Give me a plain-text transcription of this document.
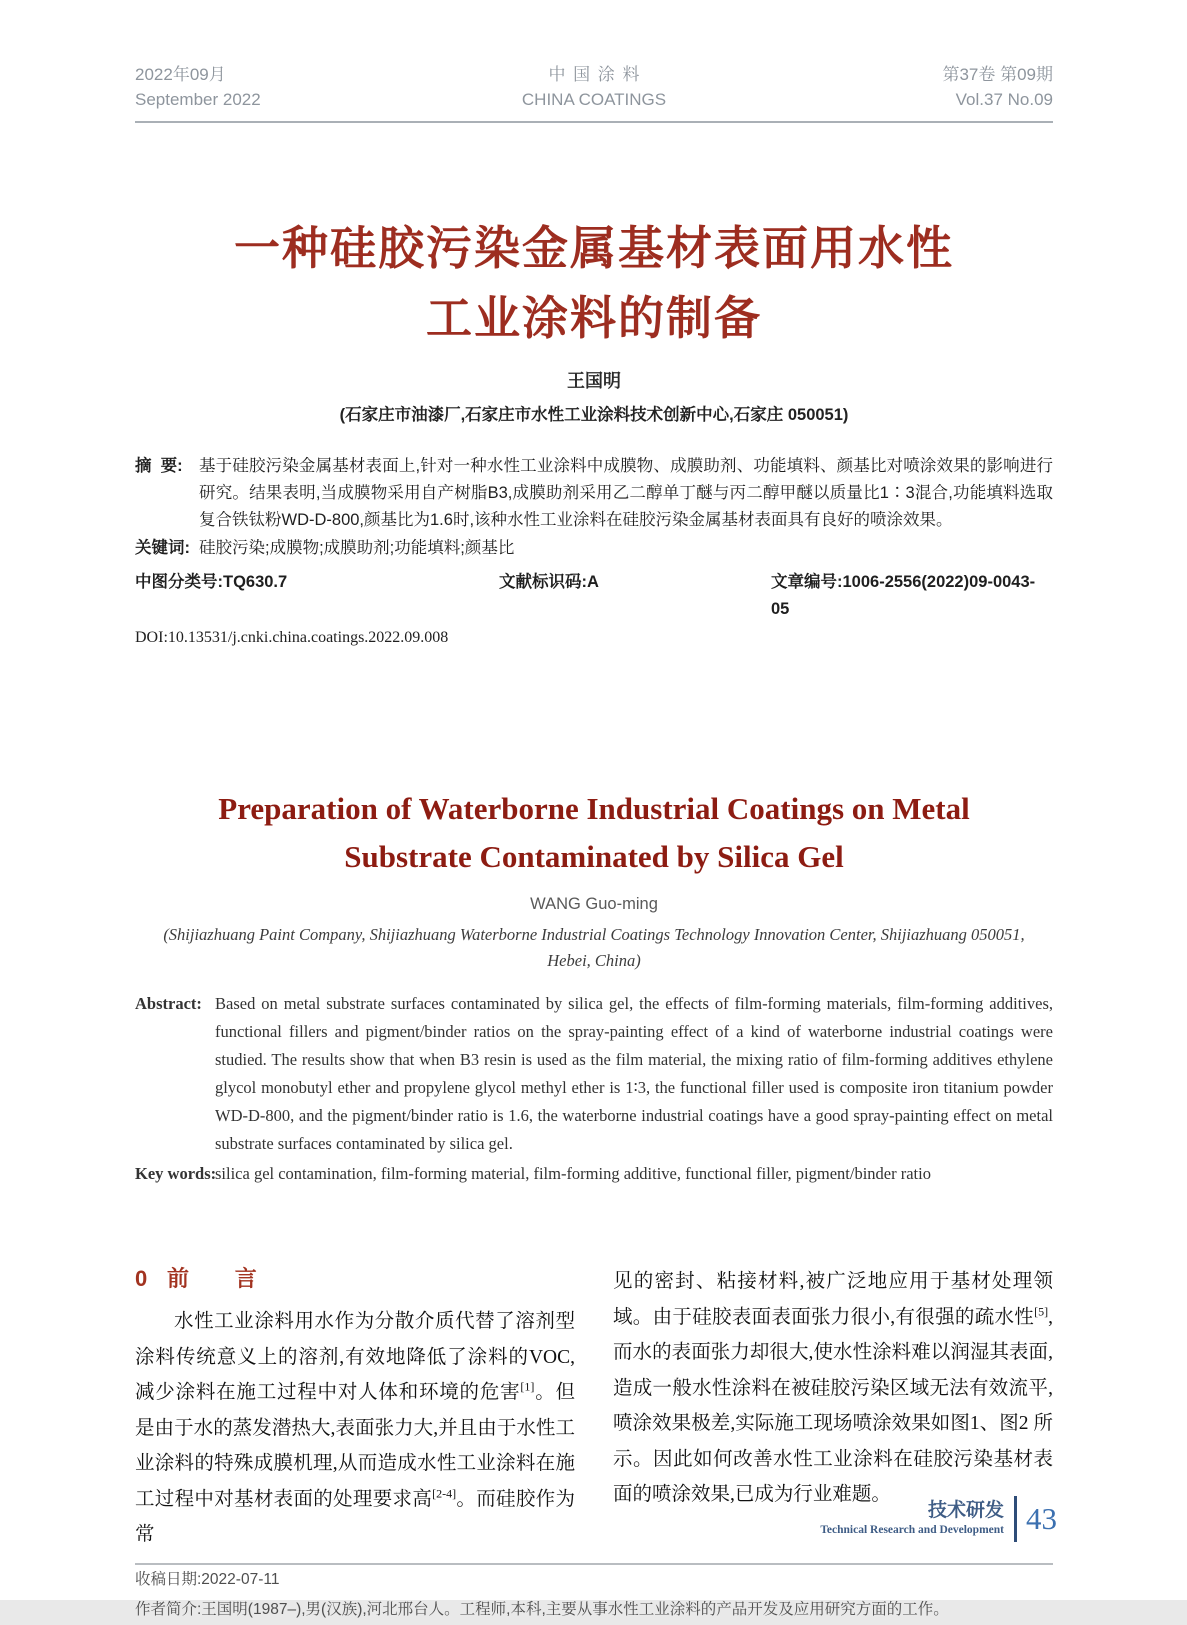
2022年09月
September 2022
中国涂料
CHINA COATINGS
第37卷 第09期
Vol.37 No.09
一种硅胶污染金属基材表面用水性
工业涂料的制备
王国明
(石家庄市油漆厂,石家庄市水性工业涂料技术创新中心,石家庄 050051)
摘  要: 基于硅胶污染金属基材表面上,针对一种水性工业涂料中成膜物、成膜助剂、功能填料、颜基比对喷涂效果的影响进行研究。结果表明,当成膜物采用自产树脂B3,成膜助剂采用乙二醇单丁醚与丙二醇甲醚以质量比1∶3混合,功能填料选取复合铁钛粉WD-D-800,颜基比为1.6时,该种水性工业涂料在硅胶污染金属基材表面具有良好的喷涂效果。
关键词: 硅胶污染;成膜物;成膜助剂;功能填料;颜基比
中图分类号:TQ630.7	文献标识码:A	文章编号:1006-2556(2022)09-0043-05
DOI:10.13531/j.cnki.china.coatings.2022.09.008
Preparation of Waterborne Industrial Coatings on Metal
Substrate Contaminated by Silica Gel
WANG Guo-ming
(Shijiazhuang Paint Company, Shijiazhuang Waterborne Industrial Coatings Technology Innovation Center, Shijiazhuang 050051,
Hebei, China)
Abstract: Based on metal substrate surfaces contaminated by silica gel, the effects of film-forming materials, film-forming additives, functional fillers and pigment/binder ratios on the spray-painting effect of a kind of waterborne industrial coatings were studied. The results show that when B3 resin is used as the film material, the mixing ratio of film-forming additives ethylene glycol monobutyl ether and propylene glycol methyl ether is 1∶3, the functional filler used is composite iron titanium powder WD-D-800, and the pigment/binder ratio is 1.6, the waterborne industrial coatings have a good spray-painting effect on metal substrate surfaces contaminated by silica gel.
Key words:
silica gel contamination, film-forming material, film-forming additive, functional filler, pigment/binder ratio
0 前 言

水性工业涂料用水作为分散介质代替了溶剂型涂料传统意义上的溶剂,有效地降低了涂料的VOC,减少涂料在施工过程中对人体和环境的危害[1]。但是由于水的蒸发潜热大,表面张力大,并且由于水性工业涂料的特殊成膜机理,从而造成水性工业涂料在施工过程中对基材表面的处理要求高[2-4]。而硅胶作为常

见的密封、粘接材料,被广泛地应用于基材处理领域。由于硅胶表面表面张力很小,有很强的疏水性[5],而水的表面张力却很大,使水性涂料难以润湿其表面,造成一般水性涂料在被硅胶污染区域无法有效流平,喷涂效果极差,实际施工现场喷涂效果如图1、图2 所示。因此如何改善水性工业涂料在硅胶污染基材表面的喷涂效果,已成为行业难题。

收稿日期:2022-07-11
作者简介:王国明(1987–),男(汉族),河北邢台人。工程师,本科,主要从事水性工业涂料的产品开发及应用研究方面的工作。
技术研发
Technical Research and Development 43
